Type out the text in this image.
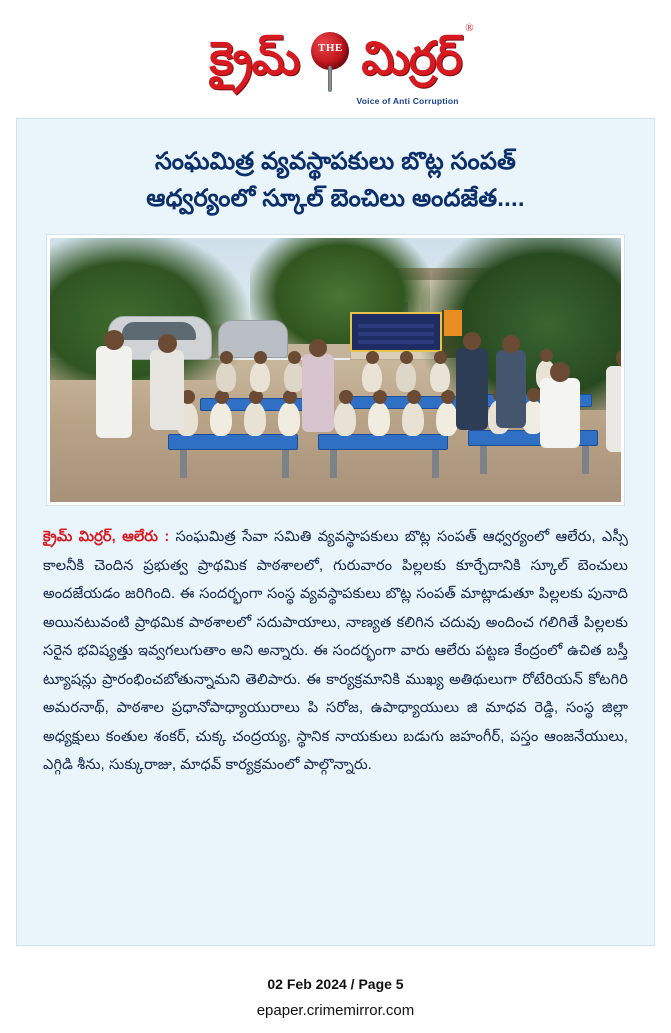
క్రైమ్	THE మిర్రర్
®
Voice of Anti Corruption
సంఘమిత్ర వ్యవస్థాపకులు బొట్ల సంపత్
ఆధ్వర్యంలో స్కూల్ బెంచిలు అందజేత....
క్రైమ్ మిర్రర్, ఆలేరు : సంఘమిత్ర సేవా సమితి వ్యవస్థాపకులు బొట్ల సంపత్ ఆధ్వర్యంలో ఆలేరు, ఎస్సీ కాలనీకి చెందిన ప్రభుత్వ ప్రాథమిక పాఠశాలలో, గురువారం పిల్లలకు కూర్చేదానికి స్కూల్ బెంచులు అందజేయడం జరిగింది. ఈ సందర్భంగా సంస్థ వ్యవస్థాపకులు బొట్ల సంపత్ మాట్లాడుతూ పిల్లలకు పునాది అయినటువంటి ప్రాథమిక పాఠశాలలో సదుపాయాలు, నాణ్యత కలిగిన చదువు అందించ గలిగితే పిల్లలకు సరైన భవిష్యత్తు ఇవ్వగలుగుతాం అని అన్నారు. ఈ సందర్భంగా వారు ఆలేరు పట్టణ కేంద్రంలో ఉచిత బస్తీ ట్యూషన్లు ప్రారంభించబోతున్నామని తెలిపారు. ఈ కార్యక్రమానికి ముఖ్య అతిథులుగా రోటేరియన్ కోటగిరి అమరనాథ్, పాఠశాల ప్రధానోపాధ్యాయురాలు పి సరోజ, ఉపాధ్యాయులు జి మాధవ రెడ్డి, సంస్థ జిల్లా అధ్యక్షులు కంతుల శంకర్, చుక్క చంద్రయ్య, స్థానిక నాయకులు బడుగు జహంగీర్, పస్తం ఆంజనేయులు, ఎగ్గిడి శీను, సుక్కురాజు, మాధవ్ కార్యక్రమంలో పాల్గొన్నారు.
02 Feb 2024 / Page 5
epaper.crimemirror.com
